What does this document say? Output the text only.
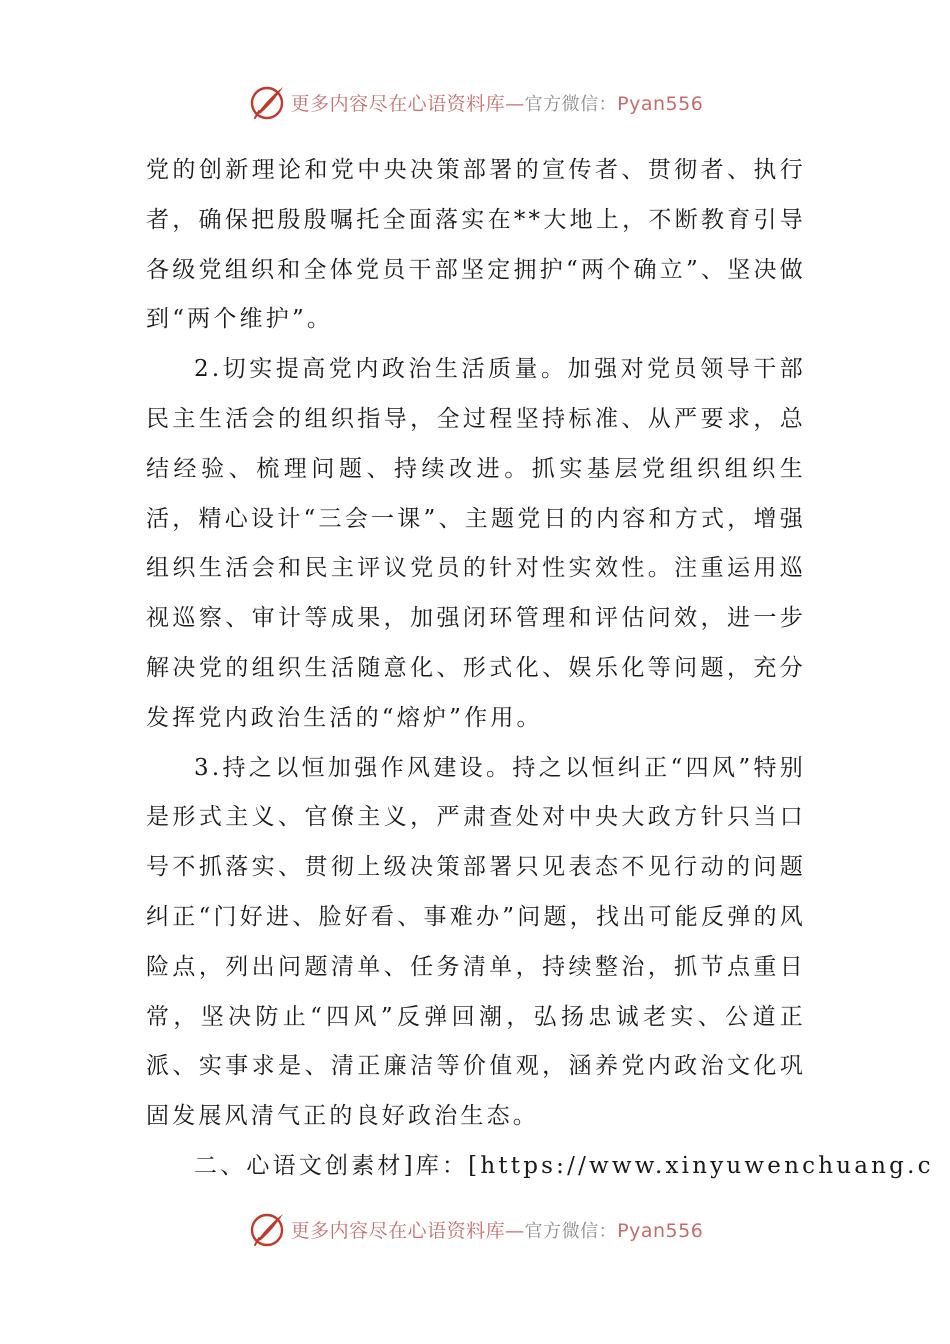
更多内容尽在心语资料库—官方微信：Pyan556

党的创新理论和党中央决策部署的宣传者、贯彻者、执行者，确保把殷殷嘱托全面落实在**大地上，不断教育引导各级党组织和全体党员干部坚定拥护“两个确立”、坚决做到“两个维护”。

2.切实提高党内政治生活质量。加强对党员领导干部民主生活会的组织指导，全过程坚持标准、从严要求，总结经验、梳理问题、持续改进。抓实基层党组织组织生活，精心设计“三会一课”、主题党日的内容和方式，增强组织生活会和民主评议党员的针对性实效性。注重运用巡视巡察、审计等成果，加强闭环管理和评估问效，进一步解决党的组织生活随意化、形式化、娱乐化等问题，充分发挥党内政治生活的“熔炉”作用。

3.持之以恒加强作风建设。持之以恒纠正“四风”特别是形式主义、官僚主义，严肃查处对中央大政方针只当口号不抓落实、贯彻上级决策部署只见表态不见行动的问题纠正“门好进、脸好看、事难办”问题，找出可能反弹的风险点，列出问题清单、任务清单，持续整治，抓节点重日常，坚决防止“四风”反弹回潮，弘扬忠诚老实、公道正派、实事求是、清正廉洁等价值观，涵养党内政治文化巩固发展风清气正的良好政治生态。

二、心语文创素材]库：[https://www.xinyuwenchuang.c

更多内容尽在心语资料库—官方微信：Pyan556
